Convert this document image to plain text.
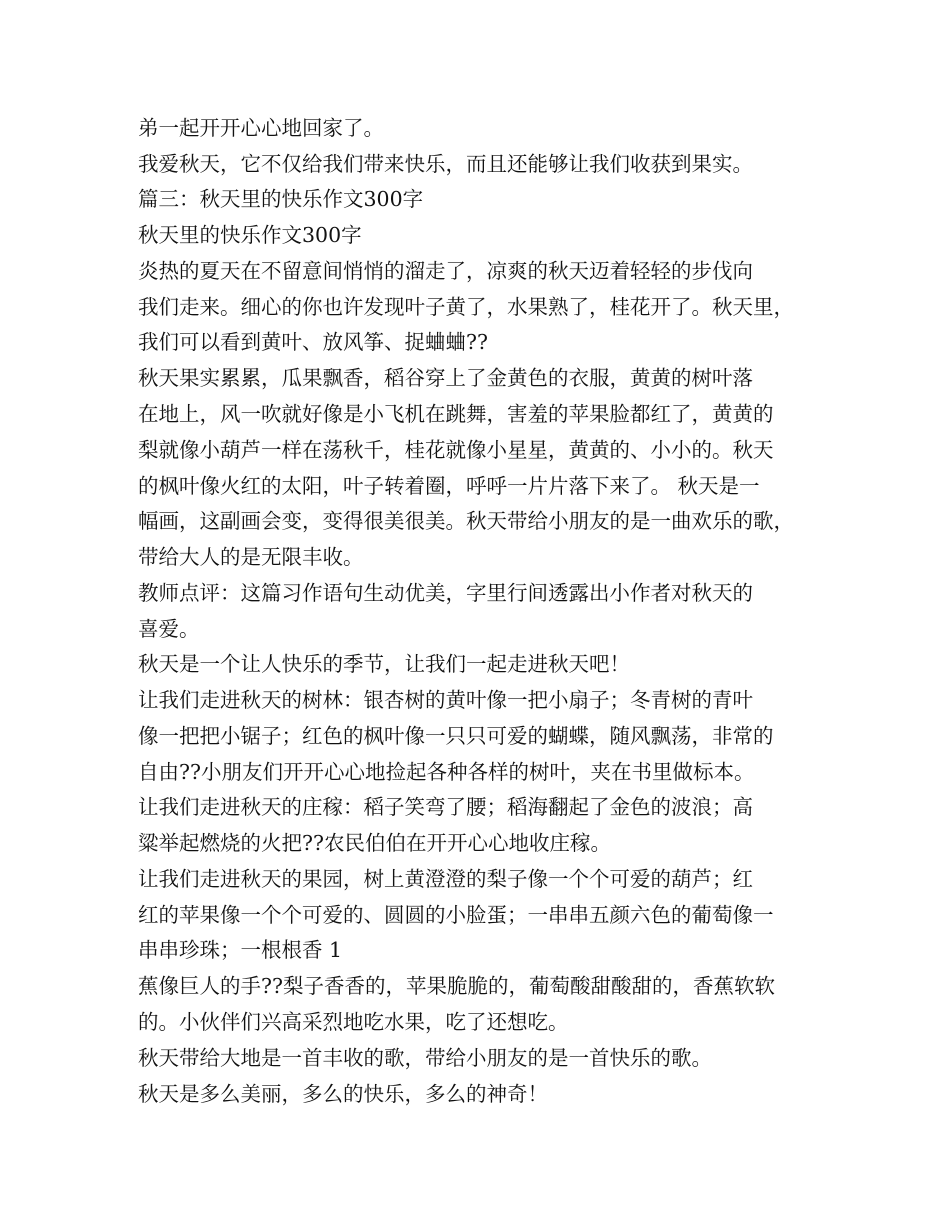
弟一起开开心心地回家了。
我爱秋天，它不仅给我们带来快乐，而且还能够让我们收获到果实。
篇三：秋天里的快乐作文300字
秋天里的快乐作文300字
炎热的夏天在不留意间悄悄的溜走了，凉爽的秋天迈着轻轻的步伐向
我们走来。细心的你也许发现叶子黄了，水果熟了，桂花开了。秋天里，
我们可以看到黄叶、放风筝、捉蛐蛐??
秋天果实累累，瓜果飘香，稻谷穿上了金黄色的衣服，黄黄的树叶落
在地上，风一吹就好像是小飞机在跳舞，害羞的苹果脸都红了，黄黄的
梨就像小葫芦一样在荡秋千，桂花就像小星星，黄黄的、小小的。秋天
的枫叶像火红的太阳，叶子转着圈，呼呼一片片落下来了。 秋天是一
幅画，这副画会变，变得很美很美。秋天带给小朋友的是一曲欢乐的歌，
带给大人的是无限丰收。
教师点评：这篇习作语句生动优美，字里行间透露出小作者对秋天的
喜爱。
秋天是一个让人快乐的季节，让我们一起走进秋天吧！
让我们走进秋天的树林：银杏树的黄叶像一把小扇子；冬青树的青叶
像一把把小锯子；红色的枫叶像一只只可爱的蝴蝶，随风飘荡，非常的
自由??小朋友们开开心心地捡起各种各样的树叶，夹在书里做标本。
让我们走进秋天的庄稼：稻子笑弯了腰；稻海翻起了金色的波浪；高
粱举起燃烧的火把??农民伯伯在开开心心地收庄稼。
让我们走进秋天的果园，树上黄澄澄的梨子像一个个可爱的葫芦；红
红的苹果像一个个可爱的、圆圆的小脸蛋；一串串五颜六色的葡萄像一
串串珍珠；一根根香 1
蕉像巨人的手??梨子香香的，苹果脆脆的，葡萄酸甜酸甜的，香蕉软软
的。小伙伴们兴高采烈地吃水果，吃了还想吃。
秋天带给大地是一首丰收的歌，带给小朋友的是一首快乐的歌。
秋天是多么美丽，多么的快乐，多么的神奇！
